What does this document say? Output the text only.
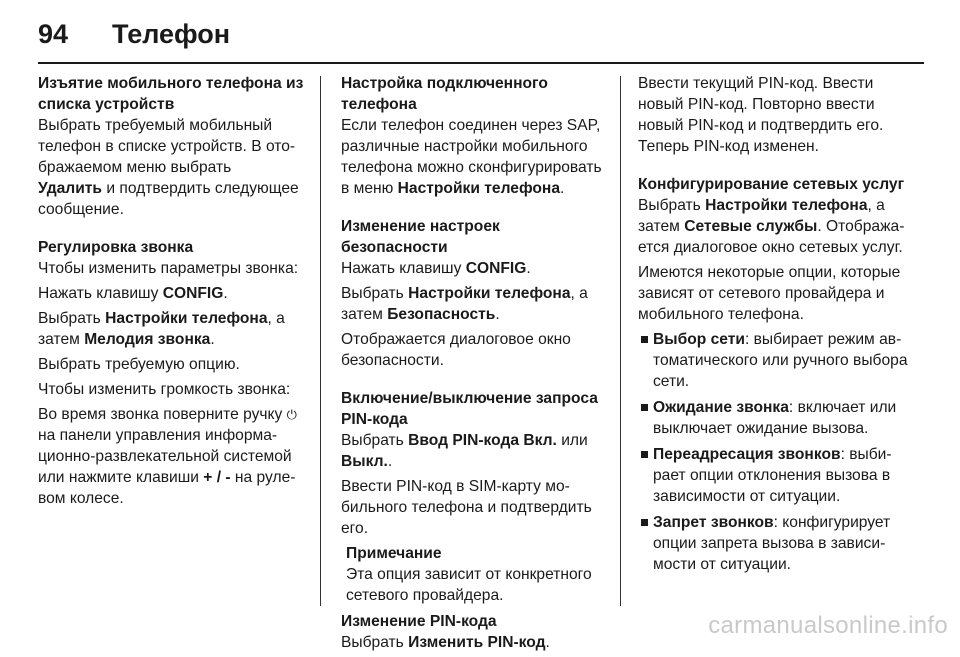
94 Телефон
Изъятие мобильного телефона из списка устройств
Выбрать требуемый мобильный телефон в списке устройств. В отображаемом меню выбрать
Удалить и подтвердить следующее сообщение.
Регулировка звонка
Чтобы изменить параметры звонка:
Нажать клавишу CONFIG.
Выбрать Настройки телефона, а затем Мелодия звонка.
Выбрать требуемую опцию.
Чтобы изменить громкость звонка:
Во время звонка поверните ручку ⏻ на панели управления информационно-развлекательной системой или нажмите клавиши + / - на рулевом колесе.
Настройка подключенного телефона
Если телефон соединен через SAP, различные настройки мобильного телефона можно сконфигурировать в меню Настройки телефона.
Изменение настроек безопасности
Нажать клавишу CONFIG.
Выбрать Настройки телефона, а затем Безопасность.
Отображается диалоговое окно безопасности.
Включение/выключение запроса PIN-кода
Выбрать Ввод PIN-кода Вкл. или Выкл..
Ввести PIN-код в SIM-карту мобильного телефона и подтвердить его.
Примечание
Эта опция зависит от конкретного сетевого провайдера.
Изменение PIN-кода
Выбрать Изменить PIN-код.
Ввести текущий PIN-код. Ввести новый PIN-код. Повторно ввести новый PIN-код и подтвердить его. Теперь PIN-код изменен.
Конфигурирование сетевых услуг
Выбрать Настройки телефона, а затем Сетевые службы. Отображается диалоговое окно сетевых услуг.
Имеются некоторые опции, которые зависят от сетевого провайдера и мобильного телефона.
Выбор сети: выбирает режим автоматического или ручного выбора сети.
Ожидание звонка: включает или выключает ожидание вызова.
Переадресация звонков: выбирает опции отклонения вызова в зависимости от ситуации.
Запрет звонков: конфигурирует опции запрета вызова в зависимости от ситуации.
carmanualsonline.info
